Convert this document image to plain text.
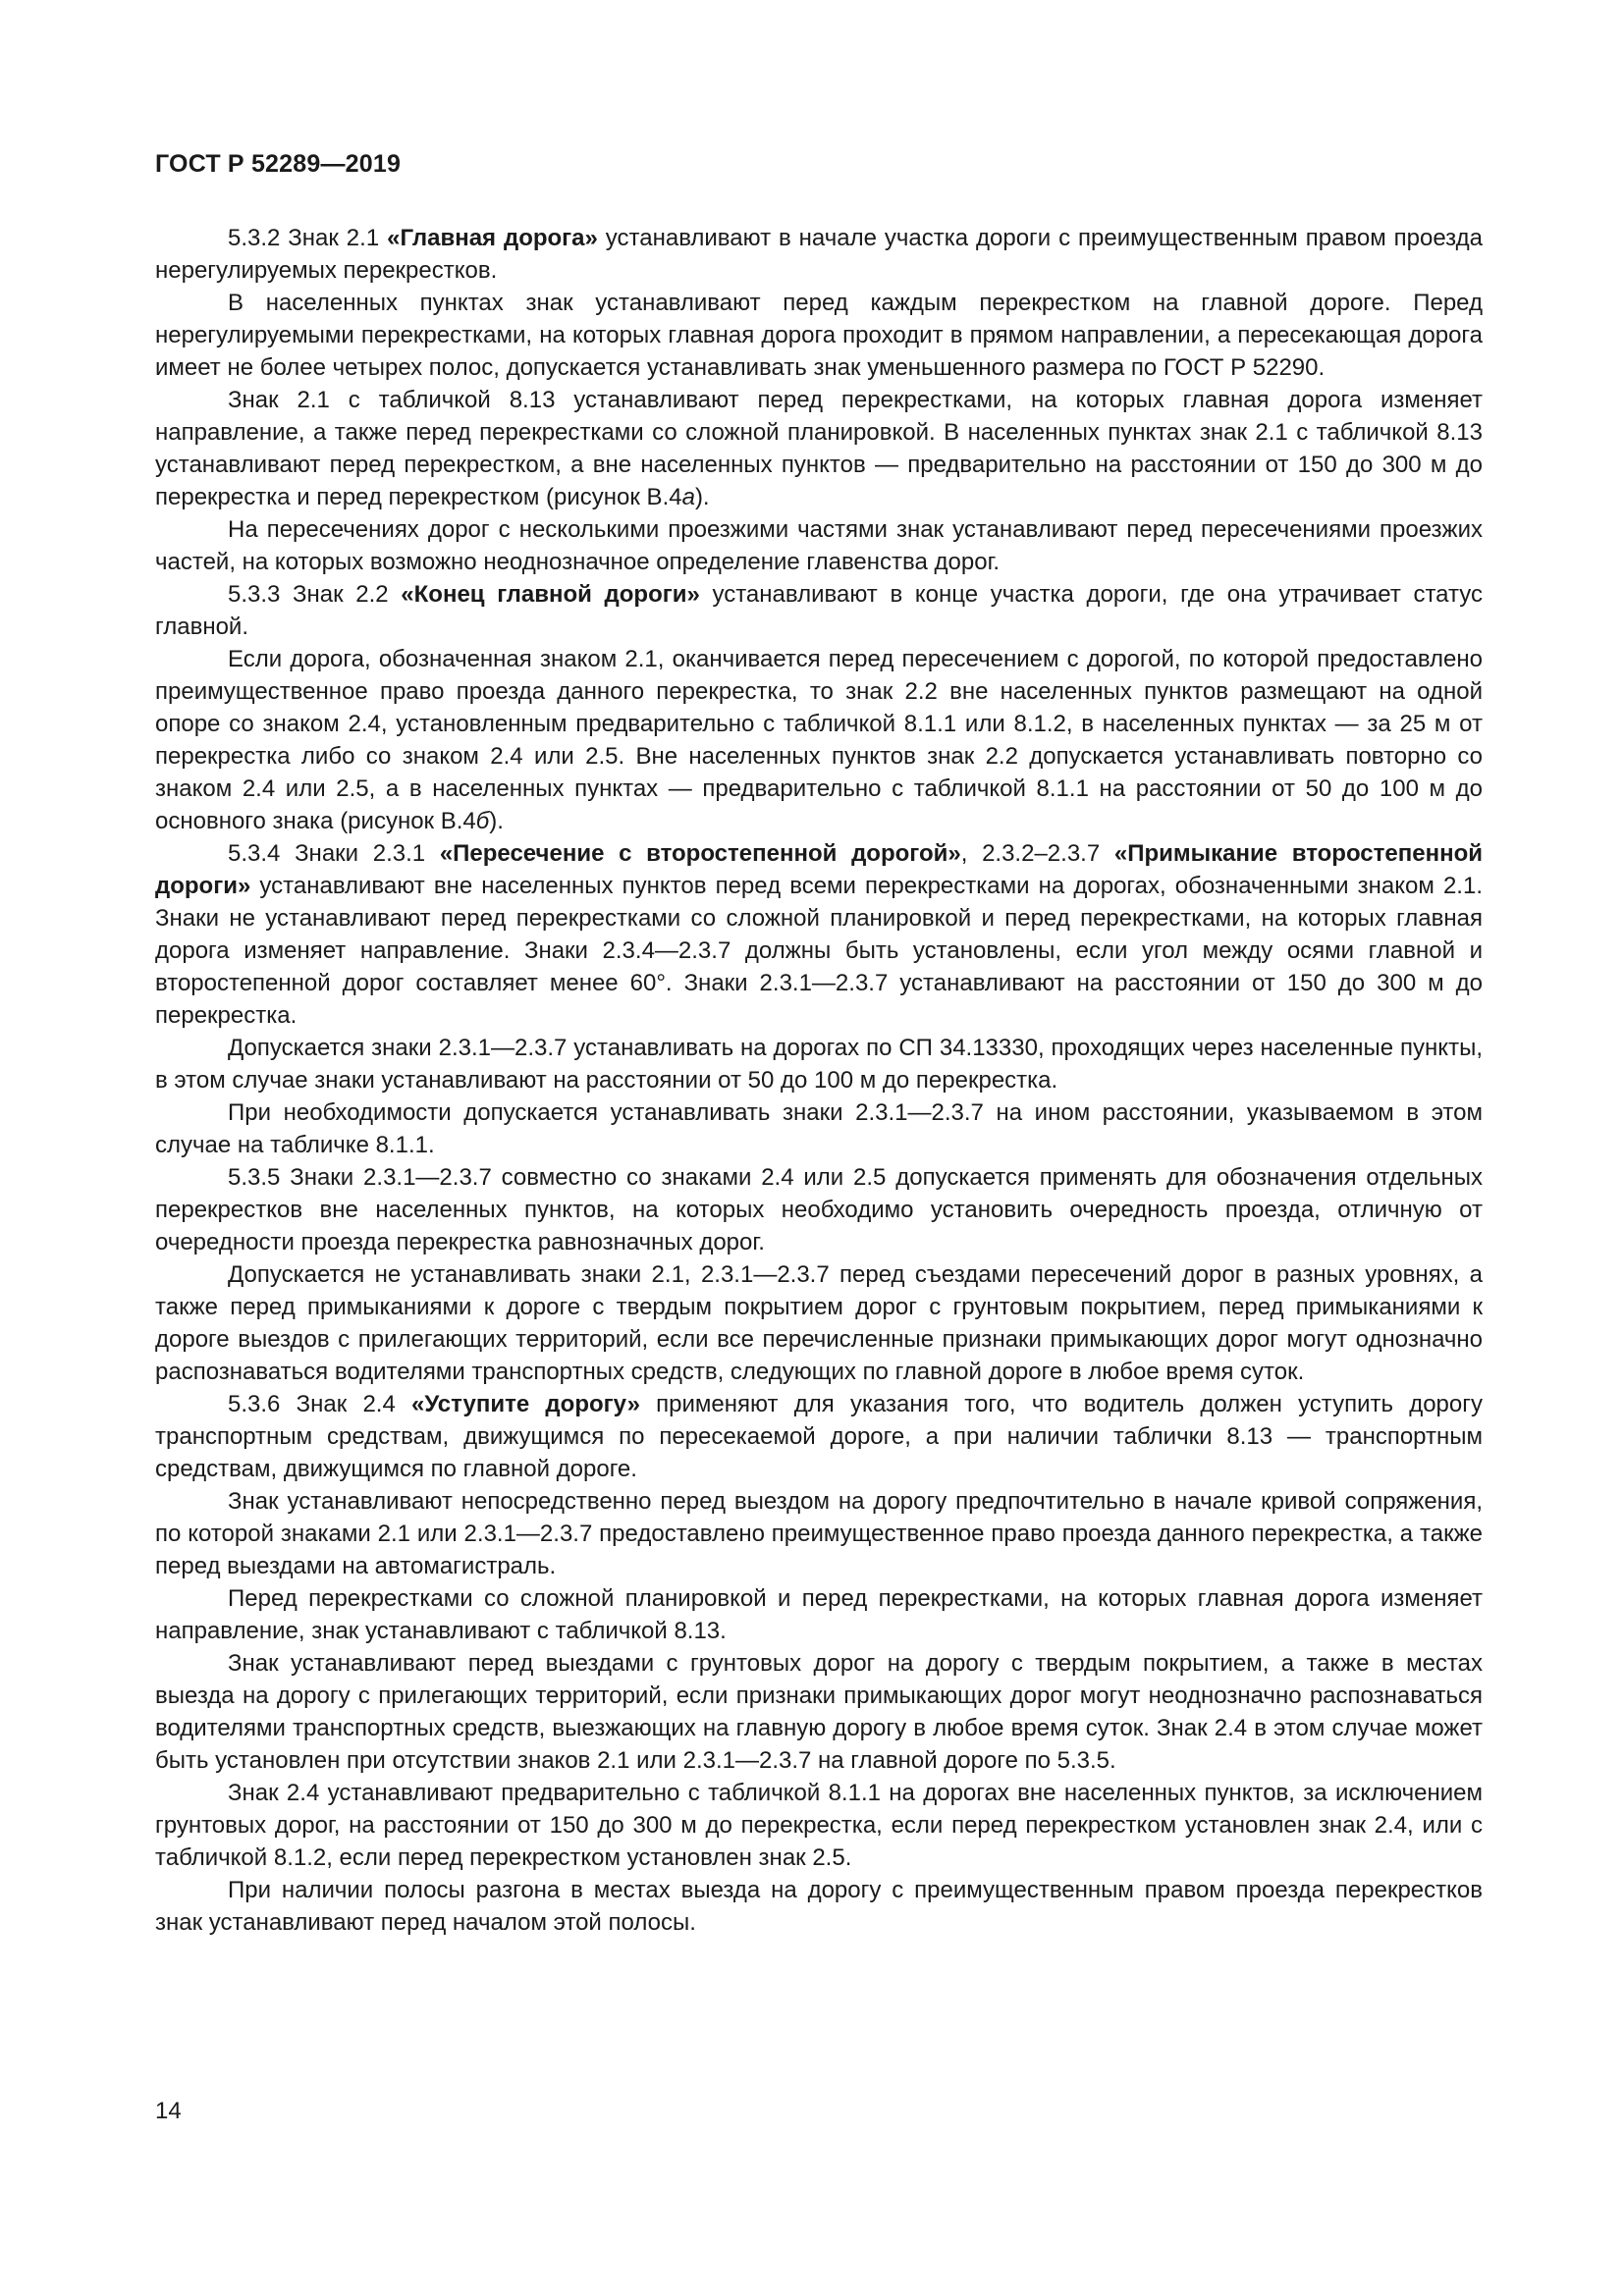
ГОСТ Р 52289—2019

5.3.2 Знак 2.1 «Главная дорога» устанавливают в начале участка дороги с преимущественным правом проезда нерегулируемых перекрестков.

В населенных пунктах знак устанавливают перед каждым перекрестком на главной дороге. Перед нерегулируемыми перекрестками, на которых главная дорога проходит в прямом направлении, а пересекающая дорога имеет не более четырех полос, допускается устанавливать знак уменьшенного размера по ГОСТ Р 52290.

Знак 2.1 с табличкой 8.13 устанавливают перед перекрестками, на которых главная дорога изменяет направление, а также перед перекрестками со сложной планировкой. В населенных пунктах знак 2.1 с табличкой 8.13 устанавливают перед перекрестком, а вне населенных пунктов — предварительно на расстоянии от 150 до 300 м до перекрестка и перед перекрестком (рисунок В.4а).

На пересечениях дорог с несколькими проезжими частями знак устанавливают перед пересечениями проезжих частей, на которых возможно неоднозначное определение главенства дорог.

5.3.3 Знак 2.2 «Конец главной дороги» устанавливают в конце участка дороги, где она утрачивает статус главной.

Если дорога, обозначенная знаком 2.1, оканчивается перед пересечением с дорогой, по которой предоставлено преимущественное право проезда данного перекрестка, то знак 2.2 вне населенных пунктов размещают на одной опоре со знаком 2.4, установленным предварительно с табличкой 8.1.1 или 8.1.2, в населенных пунктах — за 25 м от перекрестка либо со знаком 2.4 или 2.5. Вне населенных пунктов знак 2.2 допускается устанавливать повторно со знаком 2.4 или 2.5, а в населенных пунктах — предварительно с табличкой 8.1.1 на расстоянии от 50 до 100 м до основного знака (рисунок В.4б).

5.3.4 Знаки 2.3.1 «Пересечение с второстепенной дорогой», 2.3.2–2.3.7 «Примыкание второстепенной дороги» устанавливают вне населенных пунктов перед всеми перекрестками на дорогах, обозначенными знаком 2.1. Знаки не устанавливают перед перекрестками со сложной планировкой и перед перекрестками, на которых главная дорога изменяет направление. Знаки 2.3.4—2.3.7 должны быть установлены, если угол между осями главной и второстепенной дорог составляет менее 60°. Знаки 2.3.1—2.3.7 устанавливают на расстоянии от 150 до 300 м до перекрестка.

Допускается знаки 2.3.1—2.3.7 устанавливать на дорогах по СП 34.13330, проходящих через населенные пункты, в этом случае знаки устанавливают на расстоянии от 50 до 100 м до перекрестка.

При необходимости допускается устанавливать знаки 2.3.1—2.3.7 на ином расстоянии, указываемом в этом случае на табличке 8.1.1.

5.3.5 Знаки 2.3.1—2.3.7 совместно со знаками 2.4 или 2.5 допускается применять для обозначения отдельных перекрестков вне населенных пунктов, на которых необходимо установить очередность проезда, отличную от очередности проезда перекрестка равнозначных дорог.

Допускается не устанавливать знаки 2.1, 2.3.1—2.3.7 перед съездами пересечений дорог в разных уровнях, а также перед примыканиями к дороге с твердым покрытием дорог с грунтовым покрытием, перед примыканиями к дороге выездов с прилегающих территорий, если все перечисленные признаки примыкающих дорог могут однозначно распознаваться водителями транспортных средств, следующих по главной дороге в любое время суток.

5.3.6 Знак 2.4 «Уступите дорогу» применяют для указания того, что водитель должен уступить дорогу транспортным средствам, движущимся по пересекаемой дороге, а при наличии таблички 8.13 — транспортным средствам, движущимся по главной дороге.

Знак устанавливают непосредственно перед выездом на дорогу предпочтительно в начале кривой сопряжения, по которой знаками 2.1 или 2.3.1—2.3.7 предоставлено преимущественное право проезда данного перекрестка, а также перед выездами на автомагистраль.

Перед перекрестками со сложной планировкой и перед перекрестками, на которых главная дорога изменяет направление, знак устанавливают с табличкой 8.13.

Знак устанавливают перед выездами с грунтовых дорог на дорогу с твердым покрытием, а также в местах выезда на дорогу с прилегающих территорий, если признаки примыкающих дорог могут неоднозначно распознаваться водителями транспортных средств, выезжающих на главную дорогу в любое время суток. Знак 2.4 в этом случае может быть установлен при отсутствии знаков 2.1 или 2.3.1—2.3.7 на главной дороге по 5.3.5.

Знак 2.4 устанавливают предварительно с табличкой 8.1.1 на дорогах вне населенных пунктов, за исключением грунтовых дорог, на расстоянии от 150 до 300 м до перекрестка, если перед перекрестком установлен знак 2.4, или с табличкой 8.1.2, если перед перекрестком установлен знак 2.5.

При наличии полосы разгона в местах выезда на дорогу с преимущественным правом проезда перекрестков знак устанавливают перед началом этой полосы.

14
